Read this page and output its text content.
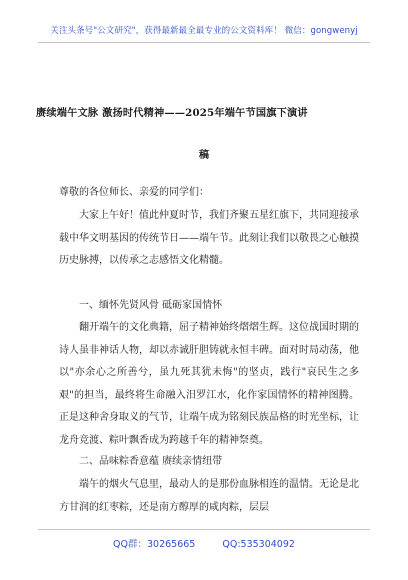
关注头条号"公文研究"，获得最新最全最专业的公文资料库！ 微信：gongwenyj
赓续端午文脉 激扬时代精神——2025年端午节国旗下演讲
稿
尊敬的各位师长、亲爱的同学们：
大家上午好！值此仲夏时节，我们齐聚五星红旗下，共同迎接承载中华文明基因的传统节日——端午节。此刻让我们以敬畏之心触摸历史脉搏，以传承之志感悟文化精髓。
一、缅怀先贤风骨 砥砺家国情怀
翻开端午的文化典籍，屈子精神始终熠熠生辉。这位战国时期的诗人虽非神话人物，却以赤诚肝胆铸就永恒丰碑。面对时局动荡，他以"亦余心之所善兮，虽九死其犹未悔"的坚贞，践行"哀民生之多艰"的担当，最终将生命融入汨罗江水，化作家国情怀的精神图腾。正是这种舍身取义的气节，让端午成为铭刻民族品格的时光坐标，让龙舟竞渡、粽叶飘香成为跨越千年的精神祭奠。
二、品味粽香意蕴 赓续亲情纽带
端午的烟火气息里，最动人的是那份血脉相连的温情。无论是北方甘润的红枣粽，还是南方醇厚的咸肉粽，层层
QQ群：30265665	QQ:535304092
